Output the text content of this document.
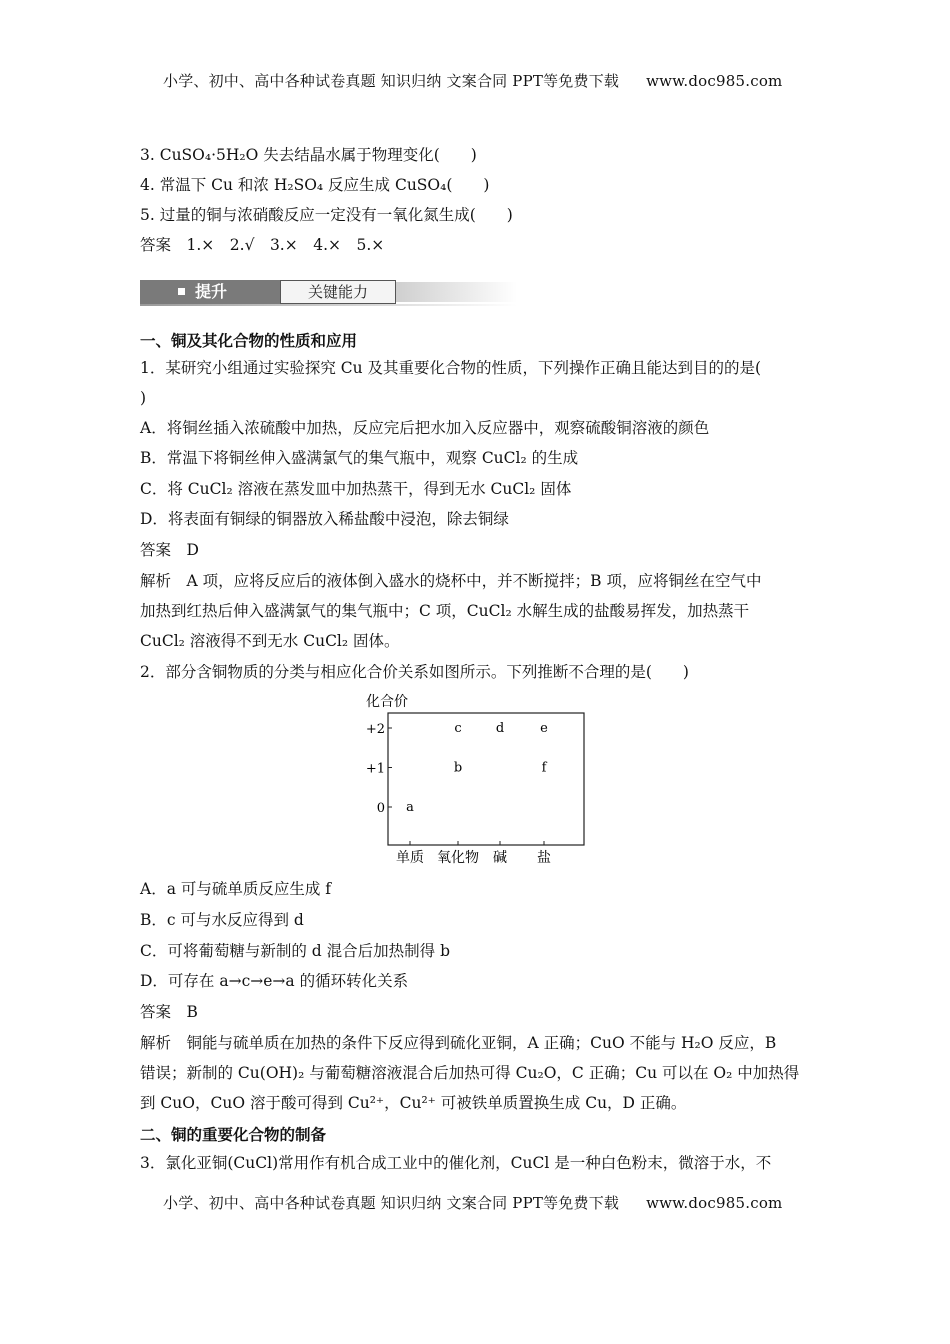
小学、初中、高中各种试卷真题 知识归纳 文案合同 PPT等免费下载 www.doc985.com
3. CuSO₄·5H₂O 失去结晶水属于物理变化(　　)
4. 常温下 Cu 和浓 H₂SO₄ 反应生成 CuSO₄(　　)
5. 过量的铜与浓硝酸反应一定没有一氧化氮生成(　　)
答案　1.×　2.√　3.×　4.×　5.×
提升	关键能力
一、铜及其化合物的性质和应用
1．某研究小组通过实验探究 Cu 及其重要化合物的性质，下列操作正确且能达到目的的是(
)
A．将铜丝插入浓硫酸中加热，反应完后把水加入反应器中，观察硫酸铜溶液的颜色
B．常温下将铜丝伸入盛满氯气的集气瓶中，观察 CuCl₂ 的生成
C．将 CuCl₂ 溶液在蒸发皿中加热蒸干，得到无水 CuCl₂ 固体
D．将表面有铜绿的铜器放入稀盐酸中浸泡，除去铜绿
答案　D
解析　A 项，应将反应后的液体倒入盛水的烧杯中，并不断搅拌；B 项，应将铜丝在空气中
加热到红热后伸入盛满氯气的集气瓶中；C 项，CuCl₂ 水解生成的盐酸易挥发，加热蒸干
CuCl₂ 溶液得不到无水 CuCl₂ 固体。
2．部分含铜物质的分类与相应化合价关系如图所示。下列推断不合理的是(　　)
化合价
+2
+1
0
单质 氧化物 碱 盐
a
b
c	d	e
f
A．a 可与硫单质反应生成 f
B．c 可与水反应得到 d
C．可将葡萄糖与新制的 d 混合后加热制得 b
D．可存在 a→c→e→a 的循环转化关系
答案　B
解析　铜能与硫单质在加热的条件下反应得到硫化亚铜，A 正确；CuO 不能与 H₂O 反应，B
错误；新制的 Cu(OH)₂ 与葡萄糖溶液混合后加热可得 Cu₂O，C 正确；Cu 可以在 O₂ 中加热得
到 CuO，CuO 溶于酸可得到 Cu²⁺，Cu²⁺ 可被铁单质置换生成 Cu，D 正确。
二、铜的重要化合物的制备
3．氯化亚铜(CuCl)常用作有机合成工业中的催化剂，CuCl 是一种白色粉末，微溶于水，不
小学、初中、高中各种试卷真题 知识归纳 文案合同 PPT等免费下载 www.doc985.com
